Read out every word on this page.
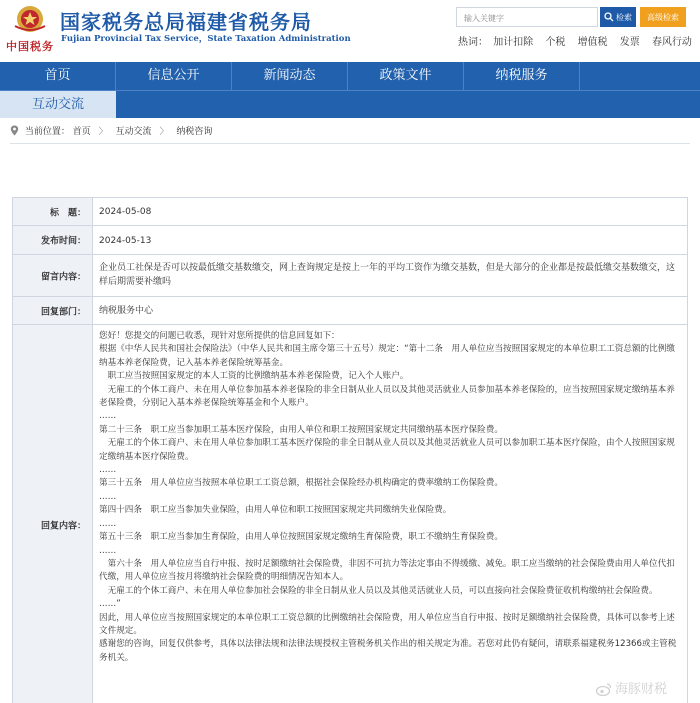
中国税务
国家税务总局福建省税务局
Fujian Provincial Tax Service，State Taxation Administration
输入关键字	检索	高级检索
热词： 加计扣除 个税 增值税 发票 春风行动
首页	信息公开	新闻动态	政策文件	纳税服务
互动交流
当前位置： 首页 〉 互动交流 〉 纳税咨询
标　题： 2024-05-08
发布时间： 2024-05-13
留言内容：
企业员工社保是否可以按最低缴交基数缴交，网上查询规定是按上一年的平均工资作为缴交基数，但是大部分的企业都是按最低缴交基数缴交，这样后期需要补缴吗
回复部门： 纳税服务中心
回复内容：

您好！您提交的问题已收悉，现针对您所提供的信息回复如下：

根据《中华人民共和国社会保险法》（中华人民共和国主席令第三十五号）规定：“第十二条　用人单位应当按照国家规定的本单位职工工资总额的比例缴纳基本养老保险费，记入基本养老保险统筹基金。

　职工应当按照国家规定的本人工资的比例缴纳基本养老保险费，记入个人账户。

　无雇工的个体工商户、未在用人单位参加基本养老保险的非全日制从业人员以及其他灵活就业人员参加基本养老保险的，应当按照国家规定缴纳基本养老保险费，分别记入基本养老保险统筹基金和个人账户。

……

第二十三条　职工应当参加职工基本医疗保险，由用人单位和职工按照国家规定共同缴纳基本医疗保险费。

　无雇工的个体工商户、未在用人单位参加职工基本医疗保险的非全日制从业人员以及其他灵活就业人员可以参加职工基本医疗保险，由个人按照国家规定缴纳基本医疗保险费。

……

第三十五条　用人单位应当按照本单位职工工资总额，根据社会保险经办机构确定的费率缴纳工伤保险费。

……

第四十四条　职工应当参加失业保险，由用人单位和职工按照国家规定共同缴纳失业保险费。

……

第五十三条　职工应当参加生育保险，由用人单位按照国家规定缴纳生育保险费，职工不缴纳生育保险费。

……

　第六十条　用人单位应当自行申报、按时足额缴纳社会保险费，非因不可抗力等法定事由不得缓缴、减免。职工应当缴纳的社会保险费由用人单位代扣代缴，用人单位应当按月将缴纳社会保险费的明细情况告知本人。

　无雇工的个体工商户、未在用人单位参加社会保险的非全日制从业人员以及其他灵活就业人员，可以直接向社会保险费征收机构缴纳社会保险费。

……”

因此，用人单位应当按照国家规定的本单位职工工资总额的比例缴纳社会保险费，用人单位应当自行申报、按时足额缴纳社会保险费，具体可以参考上述文件规定。

感谢您的咨询，回复仅供参考，具体以法律法规和法律法规授权主管税务机关作出的相关规定为准。若您对此仍有疑问，请联系福建税务12366或主管税务机关。

海豚财税
